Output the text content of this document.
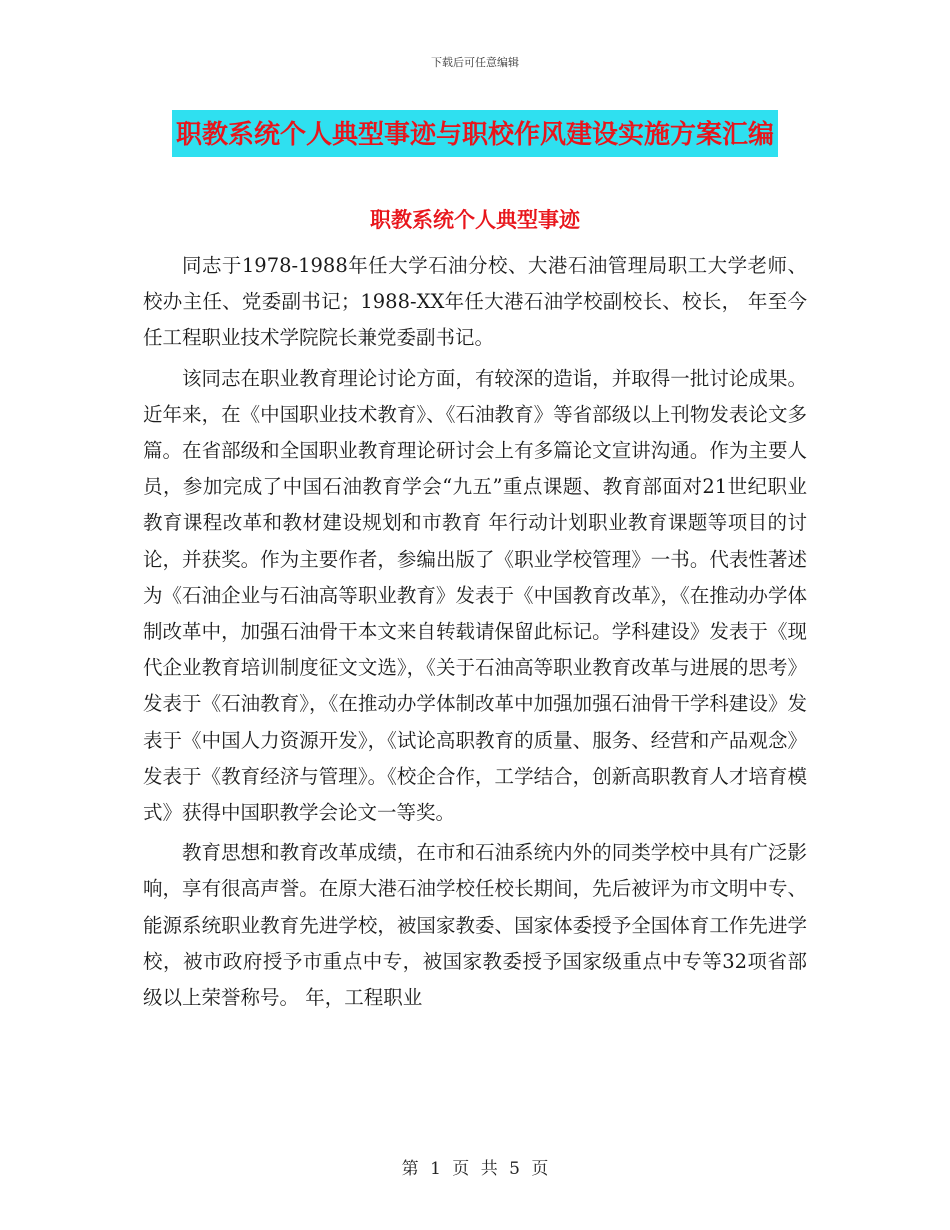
下载后可任意编辑
职教系统个人典型事迹与职校作风建设实施方案汇编
职教系统个人典型事迹

同志于1978-1988年任大学石油分校、大港石油管理局职工大学老师、校办主任、党委副书记；1988-XX年任大港石油学校副校长、校长， 年至今任工程职业技术学院院长兼党委副书记。

该同志在职业教育理论讨论方面，有较深的造诣，并取得一批讨论成果。近年来，在《中国职业技术教育》、《石油教育》等省部级以上刊物发表论文多篇。在省部级和全国职业教育理论研讨会上有多篇论文宣讲沟通。作为主要人员，参加完成了中国石油教育学会“九五”重点课题、教育部面对21世纪职业教育课程改革和教材建设规划和市教育 年行动计划职业教育课题等项目的讨论，并获奖。作为主要作者，参编出版了《职业学校管理》一书。代表性著述为《石油企业与石油高等职业教育》发表于《中国教育改革》，《在推动办学体制改革中，加强石油骨干本文来自转载请保留此标记。学科建设》发表于《现代企业教育培训制度征文文选》，《关于石油高等职业教育改革与进展的思考》发表于《石油教育》，《在推动办学体制改革中加强加强石油骨干学科建设》发表于《中国人力资源开发》，《试论高职教育的质量、服务、经营和产品观念》发表于《教育经济与管理》。《校企合作，工学结合，创新高职教育人才培育模式》获得中国职教学会论文一等奖。

教育思想和教育改革成绩，在市和石油系统内外的同类学校中具有广泛影响，享有很高声誉。在原大港石油学校任校长期间，先后被评为市文明中专、能源系统职业教育先进学校，被国家教委、国家体委授予全国体育工作先进学校，被市政府授予市重点中专，被国家教委授予国家级重点中专等32项省部级以上荣誉称号。 年，工程职业

第 1 页 共 5 页
